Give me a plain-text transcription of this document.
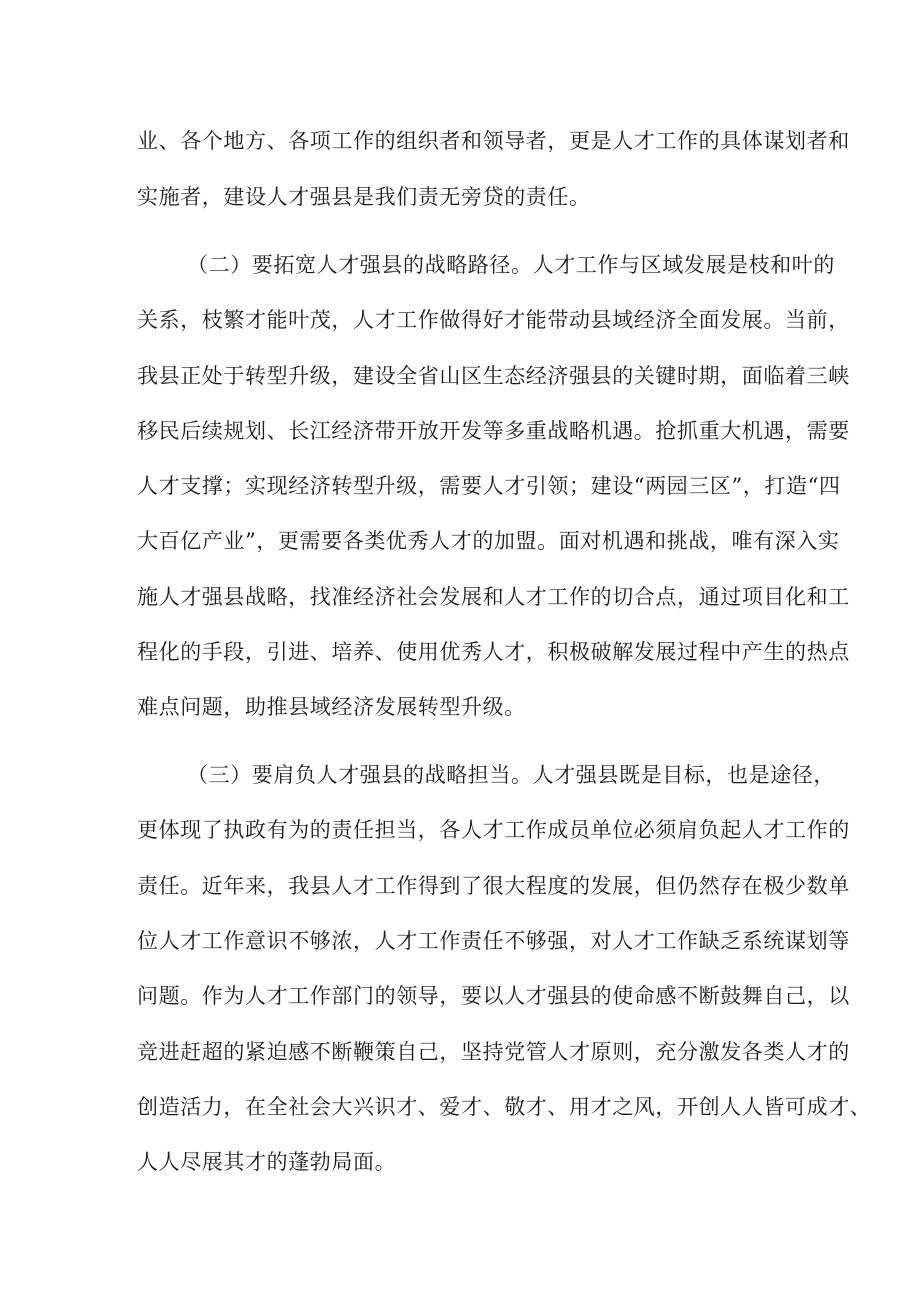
业、各个地方、各项工作的组织者和领导者，更是人才工作的具体谋划者和
实施者，建设人才强县是我们责无旁贷的责任。
（二）要拓宽人才强县的战略路径。人才工作与区域发展是枝和叶的
关系，枝繁才能叶茂，人才工作做得好才能带动县域经济全面发展。当前，
我县正处于转型升级，建设全省山区生态经济强县的关键时期，面临着三峡
移民后续规划、长江经济带开放开发等多重战略机遇。抢抓重大机遇，需要
人才支撑；实现经济转型升级，需要人才引领；建设“两园三区”，打造“四
大百亿产业”，更需要各类优秀人才的加盟。面对机遇和挑战，唯有深入实
施人才强县战略，找准经济社会发展和人才工作的切合点，通过项目化和工
程化的手段，引进、培养、使用优秀人才，积极破解发展过程中产生的热点
难点问题，助推县域经济发展转型升级。
（三）要肩负人才强县的战略担当。人才强县既是目标，也是途径，
更体现了执政有为的责任担当，各人才工作成员单位必须肩负起人才工作的
责任。近年来，我县人才工作得到了很大程度的发展，但仍然存在极少数单
位人才工作意识不够浓，人才工作责任不够强，对人才工作缺乏系统谋划等
问题。作为人才工作部门的领导，要以人才强县的使命感不断鼓舞自己，以
竞进赶超的紧迫感不断鞭策自己，坚持党管人才原则，充分激发各类人才的
创造活力，在全社会大兴识才、爱才、敬才、用才之风，开创人人皆可成才、
人人尽展其才的蓬勃局面。
